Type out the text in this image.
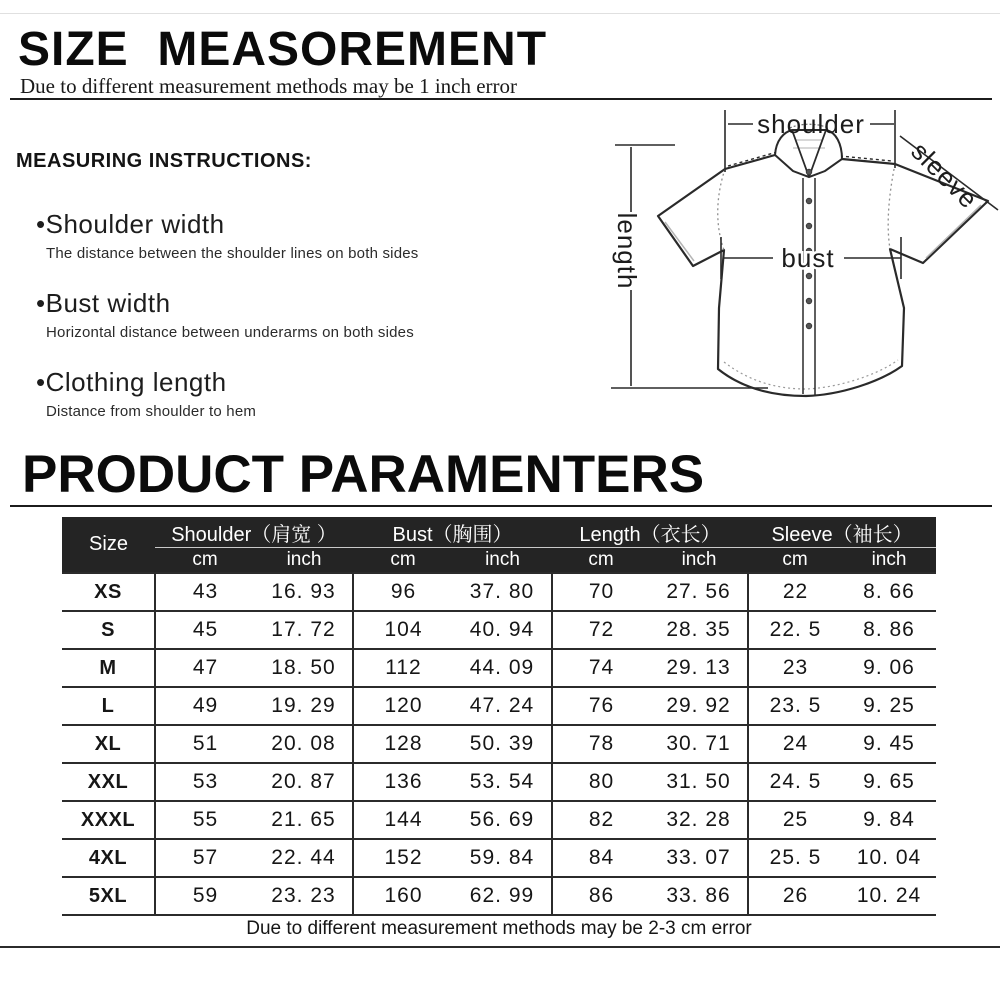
SIZE  MEASOREMENT
Due to different measurement methods may be 1 inch error
MEASURING INSTRUCTIONS:
•Shoulder width
The distance between the shoulder lines on both sides
•Bust width
Horizontal distance between underarms on both sides
•Clothing length
Distance from shoulder to hem
shoulder
length	bust
sleeve
PRODUCT PARAMENTERS
Size	Shoulder（肩宽 ）		Bust（胸围）		Length（衣长）		Sleeve（袖长）	
	cm	inch	cm	inch	cm	inch	cm	inch
XS	43	16. 93	96	37. 80	70	27. 56	22	8. 66
S	45	17. 72	104	40. 94	72	28. 35	22. 5	8. 86
M	47	18. 50	112	44. 09	74	29. 13	23	9. 06
L	49	19. 29	120	47. 24	76	29. 92	23. 5	9. 25
XL	51	20. 08	128	50. 39	78	30. 71	24	9. 45
XXL	53	20. 87	136	53. 54	80	31. 50	24. 5	9. 65
XXXL	55	21. 65	144	56. 69	82	32. 28	25	9. 84
4XL	57	22. 44	152	59. 84	84	33. 07	25. 5	10. 04
5XL	59	23. 23	160	62. 99	86	33. 86	26	10. 24
Due to different measurement methods may be 2-3 cm error
